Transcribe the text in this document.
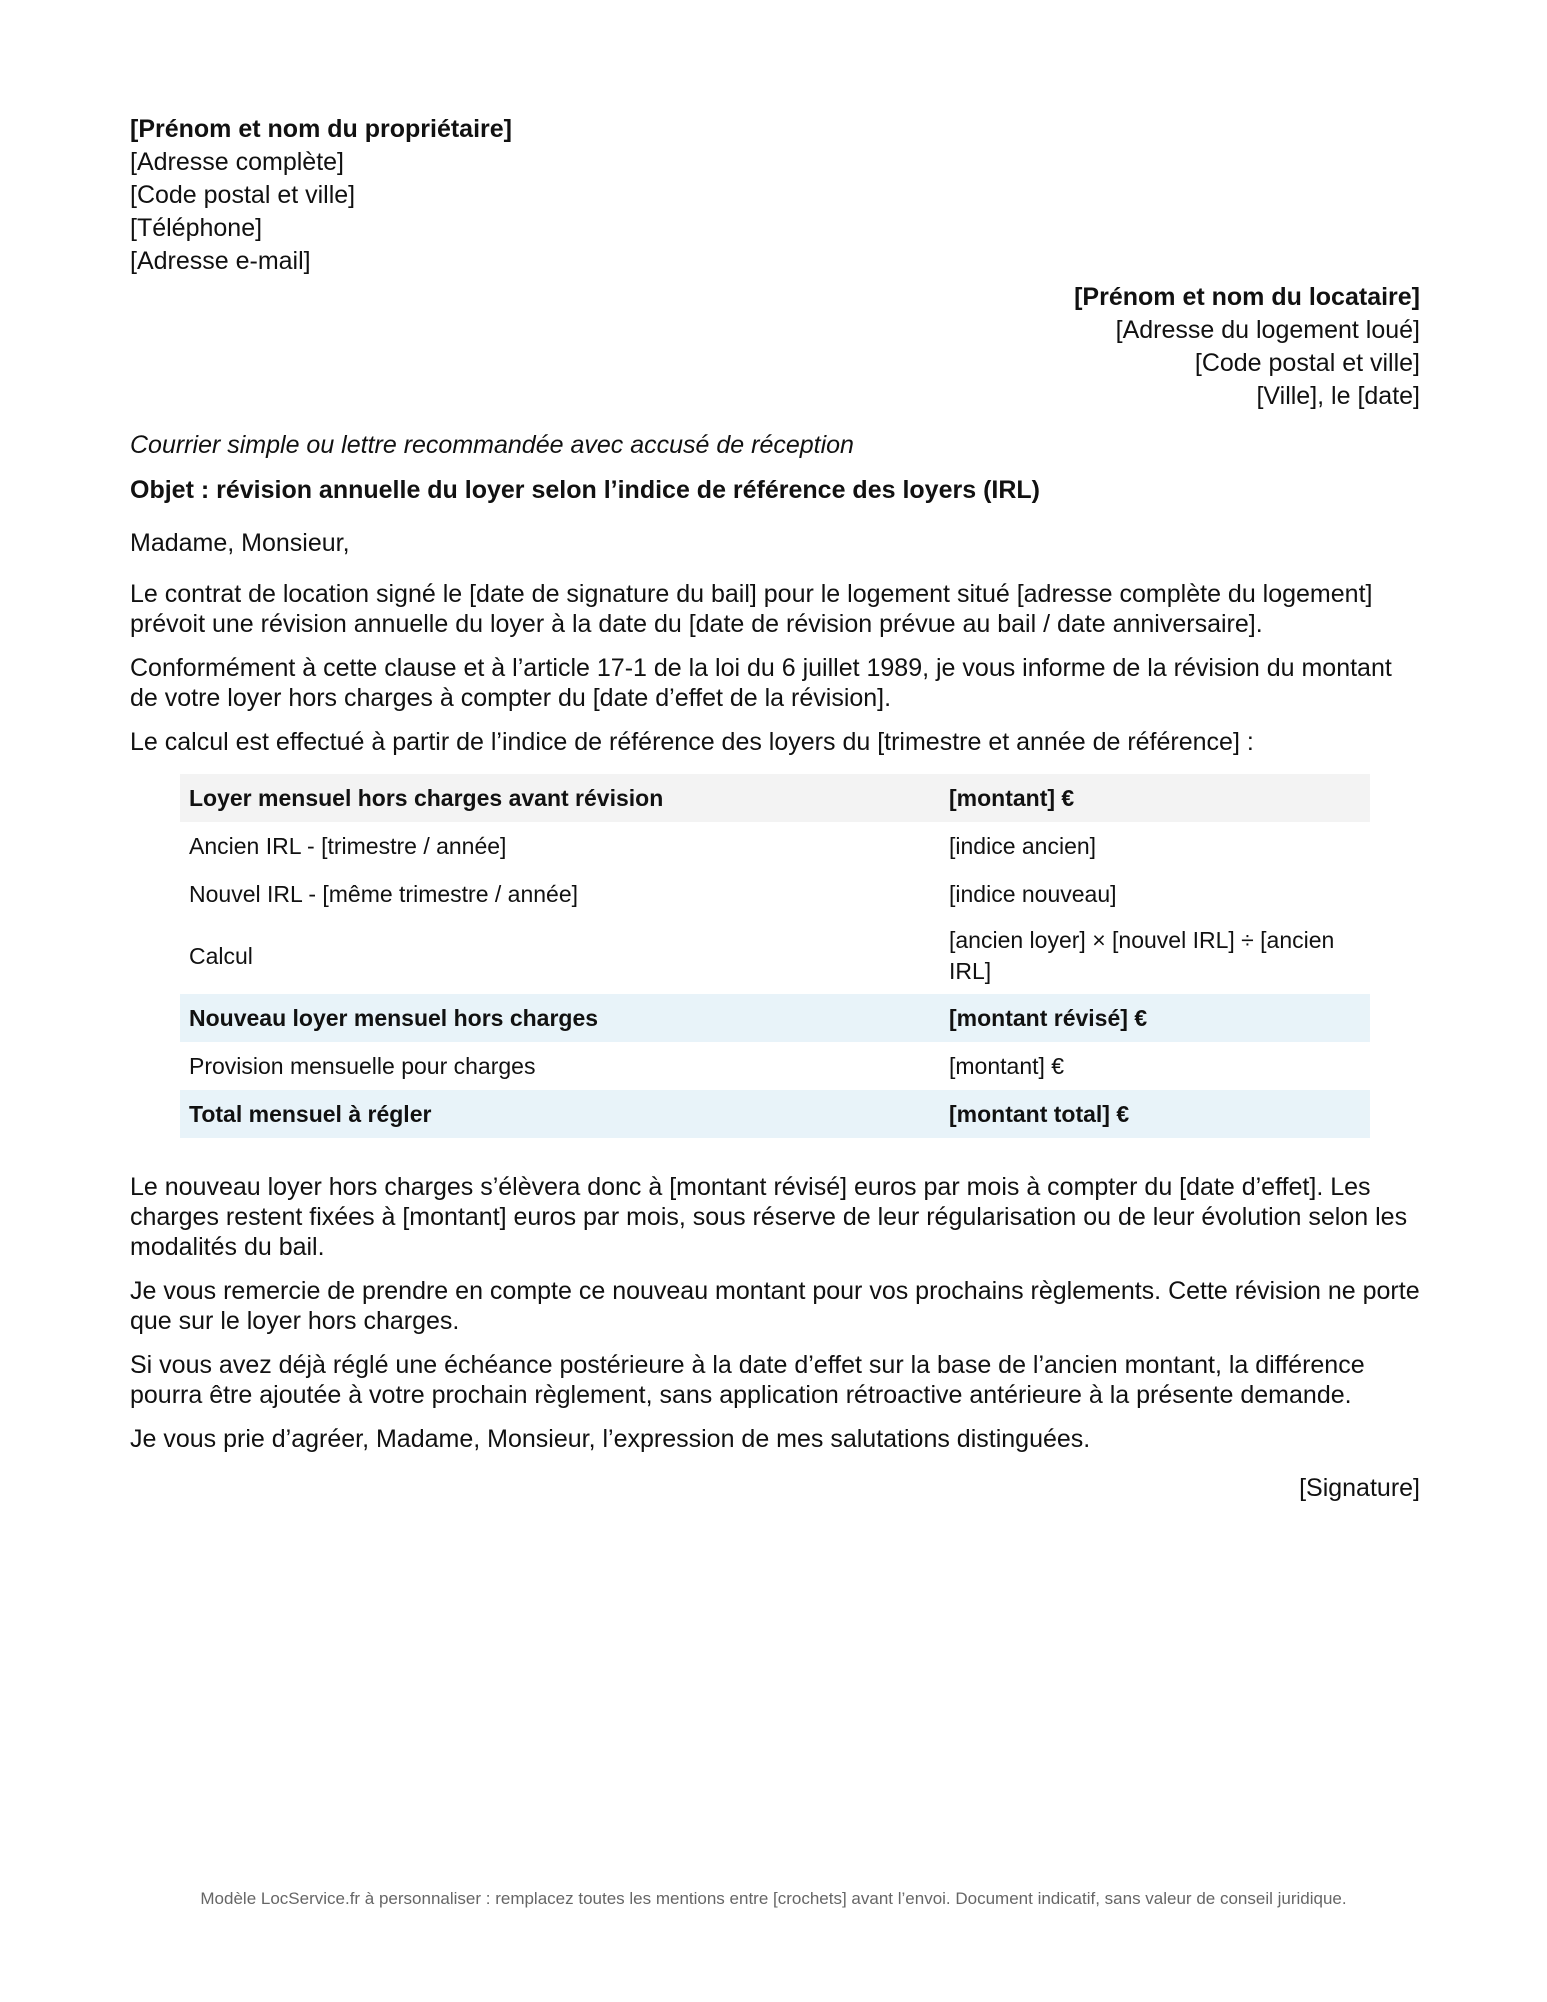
[Prénom et nom du propriétaire]
[Adresse complète]
[Code postal et ville]
[Téléphone]
[Adresse e-mail]
[Prénom et nom du locataire]
[Adresse du logement loué]
[Code postal et ville]
[Ville], le [date]
Courrier simple ou lettre recommandée avec accusé de réception
Objet : révision annuelle du loyer selon l’indice de référence des loyers (IRL)
Madame, Monsieur,

Le contrat de location signé le [date de signature du bail] pour le logement situé [adresse complète du logement] prévoit une révision annuelle du loyer à la date du [date de révision prévue au bail / date anniversaire].

Conformément à cette clause et à l’article 17-1 de la loi du 6 juillet 1989, je vous informe de la révision du montant de votre loyer hors charges à compter du [date d’effet de la révision].

Le calcul est effectué à partir de l’indice de référence des loyers du [trimestre et année de référence] :

Loyer mensuel hors charges avant révision	[montant] €
Ancien IRL - [trimestre / année]	[indice ancien]
Nouvel IRL - [même trimestre / année]	[indice nouveau]
Calcul	[ancien loyer] × [nouvel IRL] ÷ [ancien IRL]
Nouveau loyer mensuel hors charges	[montant révisé] €
Provision mensuelle pour charges	[montant] €
Total mensuel à régler	[montant total] €

Le nouveau loyer hors charges s’élèvera donc à [montant révisé] euros par mois à compter du [date d’effet]. Les charges restent fixées à [montant] euros par mois, sous réserve de leur régularisation ou de leur évolution selon les modalités du bail.

Je vous remercie de prendre en compte ce nouveau montant pour vos prochains règlements. Cette révision ne porte que sur le loyer hors charges.

Si vous avez déjà réglé une échéance postérieure à la date d’effet sur la base de l’ancien montant, la différence pourra être ajoutée à votre prochain règlement, sans application rétroactive antérieure à la présente demande.

Je vous prie d’agréer, Madame, Monsieur, l’expression de mes salutations distinguées.

[Signature]
Modèle LocService.fr à personnaliser : remplacez toutes les mentions entre [crochets] avant l’envoi. Document indicatif, sans valeur de conseil juridique.
